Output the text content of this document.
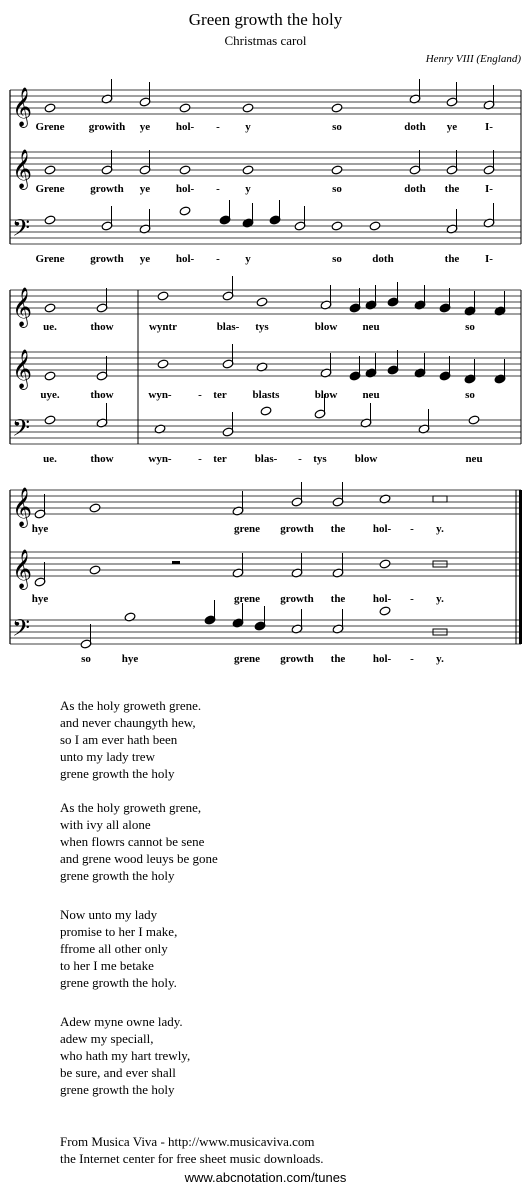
Green growth the holy
Christmas carol
Henry VIII (England)
𝄞
𝄞
𝄢
Grene growith ye hol- - y	so	doth ye	I-
Grene growth ye hol- - y	so	doth the I-
Grene growth ye hol- - y	so	doth	the I-
𝄞
𝄞
𝄢
ue.	thow	wyntr	blas- tys	blow neu	so
uye.	thow	wyn- - ter blasts	blow neu	so
ue.	thow	wyn- - ter	blas- - tys	blow	neu
𝄞
𝄞
𝄢
hye	grene growth the hol- - y.
hye	grene growth the hol- - y.
so	hye	grene growth the hol- - y.
As the holy groweth grene.
and never chaungyth hew,
so I am ever hath been
unto my lady trew
grene growth the holy
As the holy groweth grene,
with ivy all alone
when flowrs cannot be sene
and grene wood leuys be gone
grene growth the holy
Now unto my lady
promise to her I make,
ffrome all other only
to her I me betake
grene growth the holy.
Adew myne owne lady.
adew my speciall,
who hath my hart trewly,
be sure, and ever shall
grene growth the holy
From Musica Viva - http://www.musicaviva.com
the Internet center for free sheet music downloads.
www.abcnotation.com/tunes
